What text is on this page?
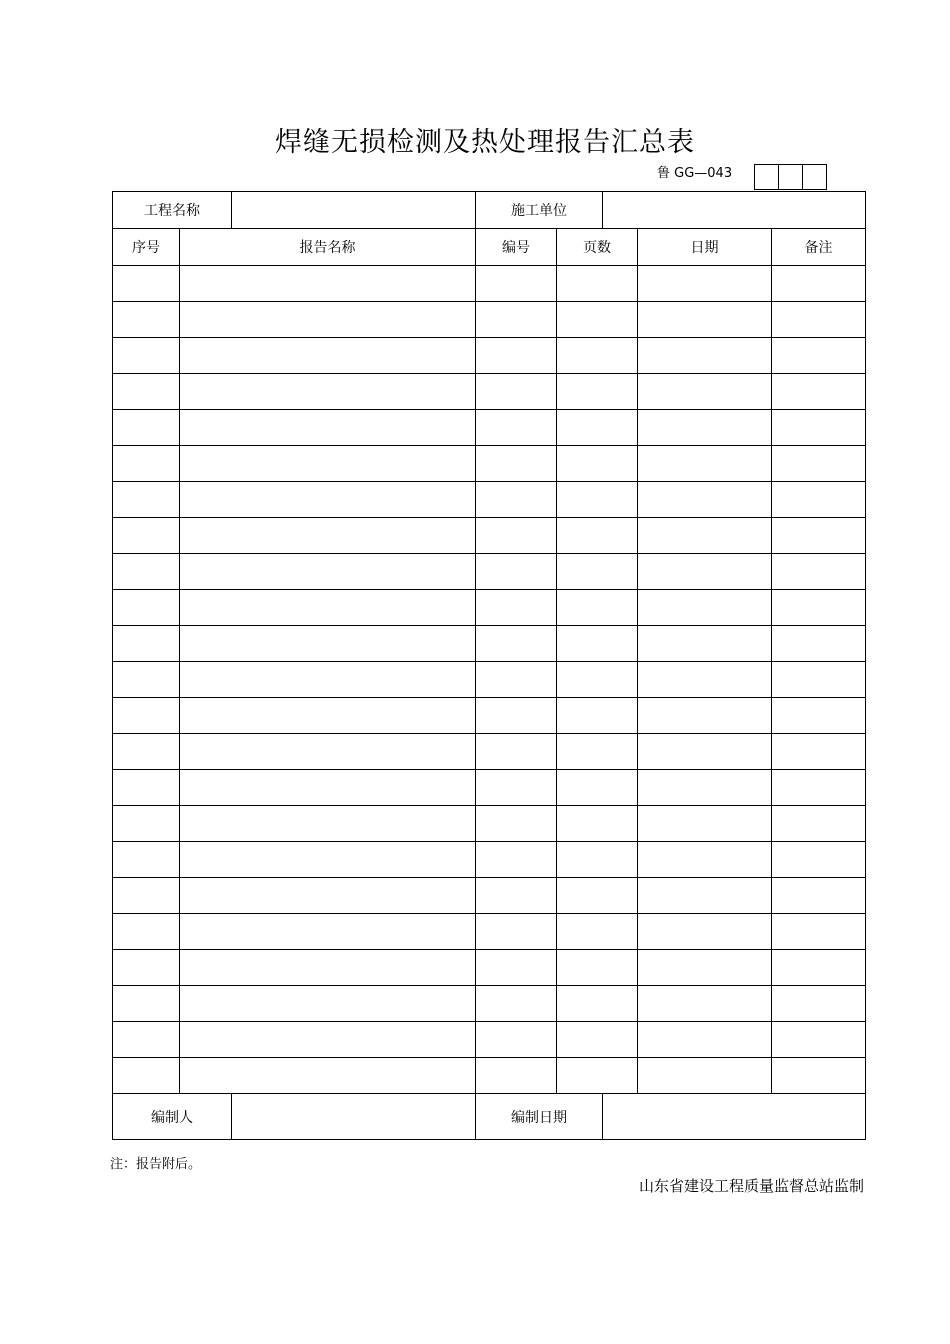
焊缝无损检测及热处理报告汇总表
鲁 GG—043
工程名称			施工单位				
序号	报告名称		编号	页数		日期	备注

编制人			编制日期				
注：报告附后。
山东省建设工程质量监督总站监制
